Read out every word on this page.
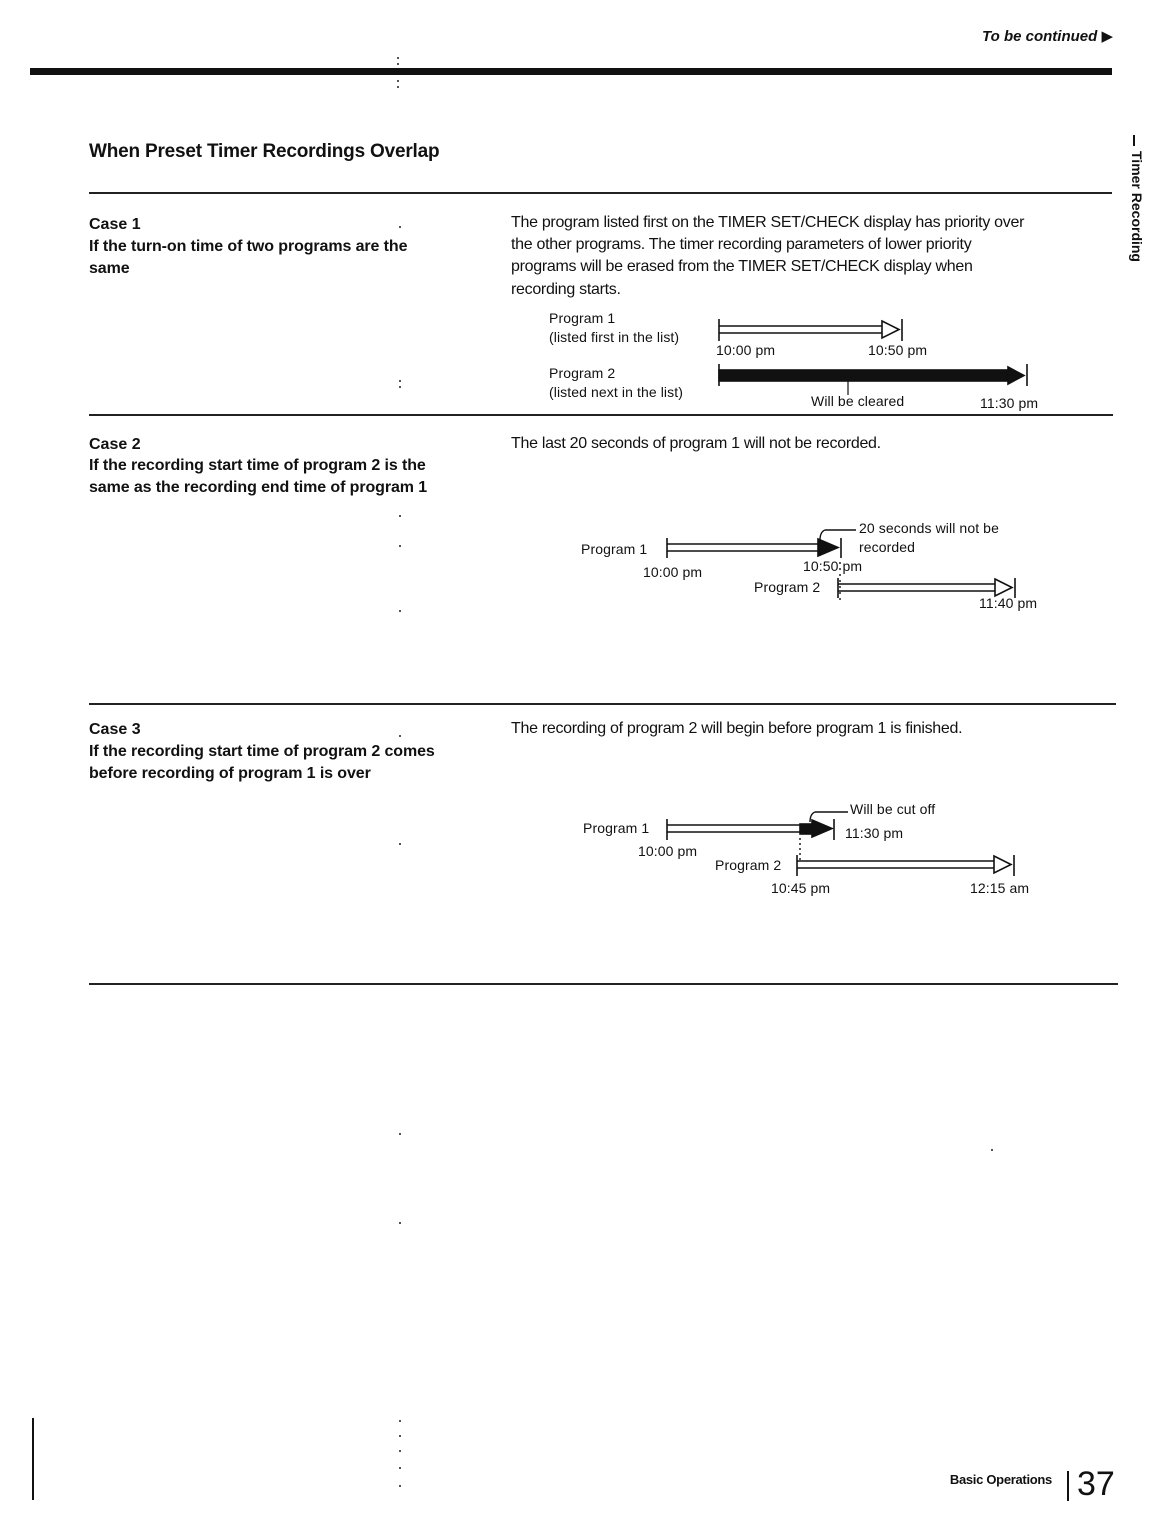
To be continued ▶
When Preset Timer Recordings Overlap	Timer Recording
Case 1
If the turn-on time of two programs are the
same
The program listed first on the TIMER SET/CHECK display has priority over
the other programs. The timer recording parameters of lower priority
programs will be erased from the TIMER SET/CHECK display when
recording starts.
Program 1
(listed first in the list)
10:00 pm	10:50 pm
Program 2
(listed next in the list)
Will be cleared	11:30 pm
Case 2
If the recording start time of program 2 is the
same as the recording end time of program 1
The last 20 seconds of program 1 will not be recorded.
20 seconds will not be
recorded
Program 1
10:00 pm	10:50 pm
Program 2
11:40 pm
Case 3
If the recording start time of program 2 comes
before recording of program 1 is over
The recording of program 2 will begin before program 1 is finished.
Will be cut off
Program 1	11:30 pm
10:00 pm
Program 2
10:45 pm	12:15 am
Basic Operations 37
